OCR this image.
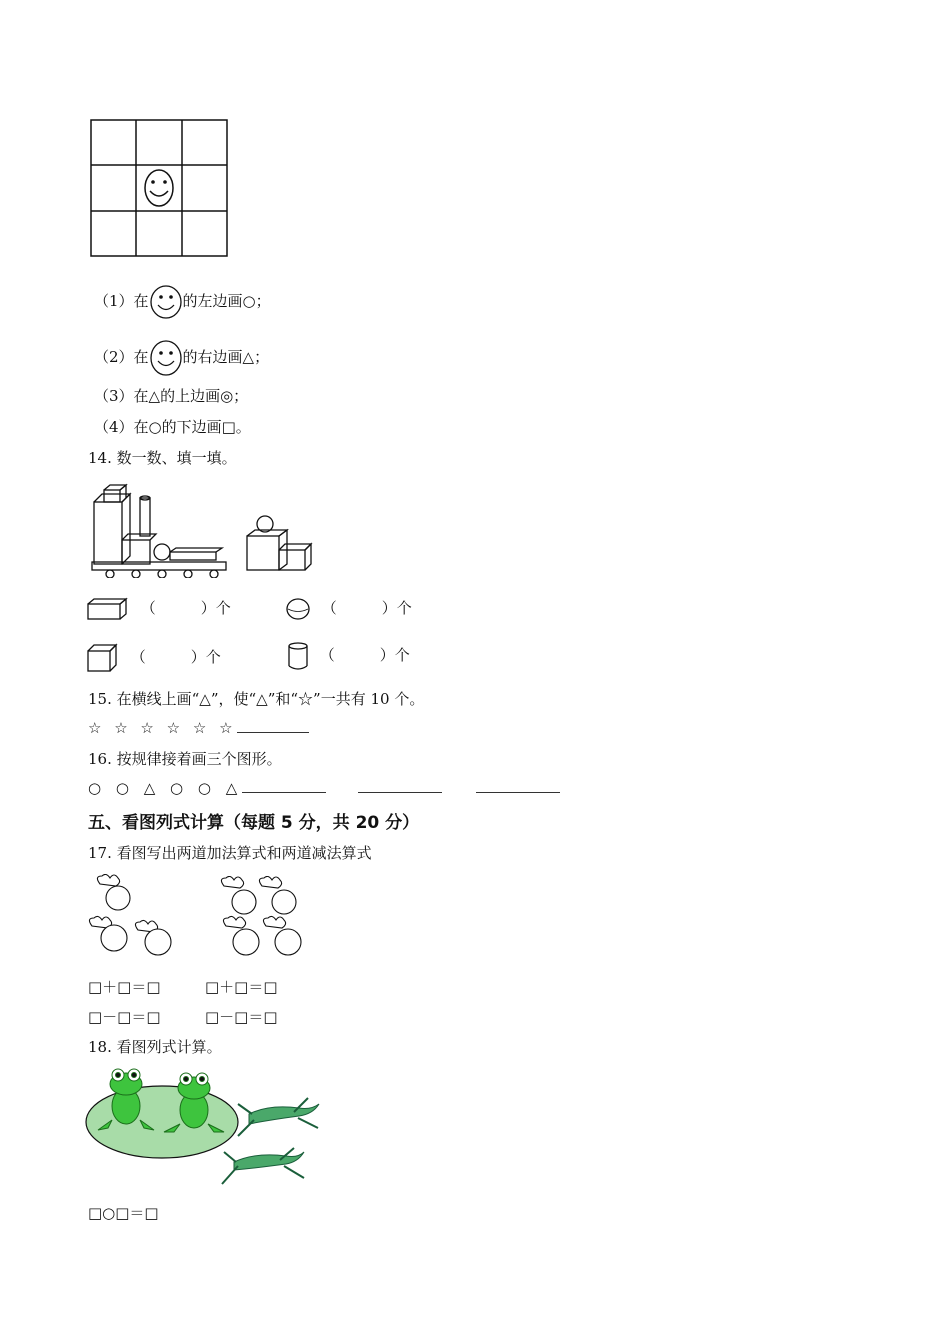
（1）在 的左边画○；
（2）在 的右边画△；
（3）在△的上边画◎；
（4）在○的下边画□。
14. 数一数、填一填。
（　　　）个	（　　　）个
（　　　）个	（　　　）个
15. 在横线上画“△”，使“△”和“☆”一共有 10 个。
☆ ☆ ☆ ☆ ☆ ☆
16. 按规律接着画三个图形。
○ ○ △ ○ ○ △
五、看图列式计算（每题 5 分，共 20 分）
17. 看图写出两道加法算式和两道减法算式
□＋□＝□	□＋□＝□
□－□＝□	□－□＝□
18. 看图列式计算。
□○□＝□
